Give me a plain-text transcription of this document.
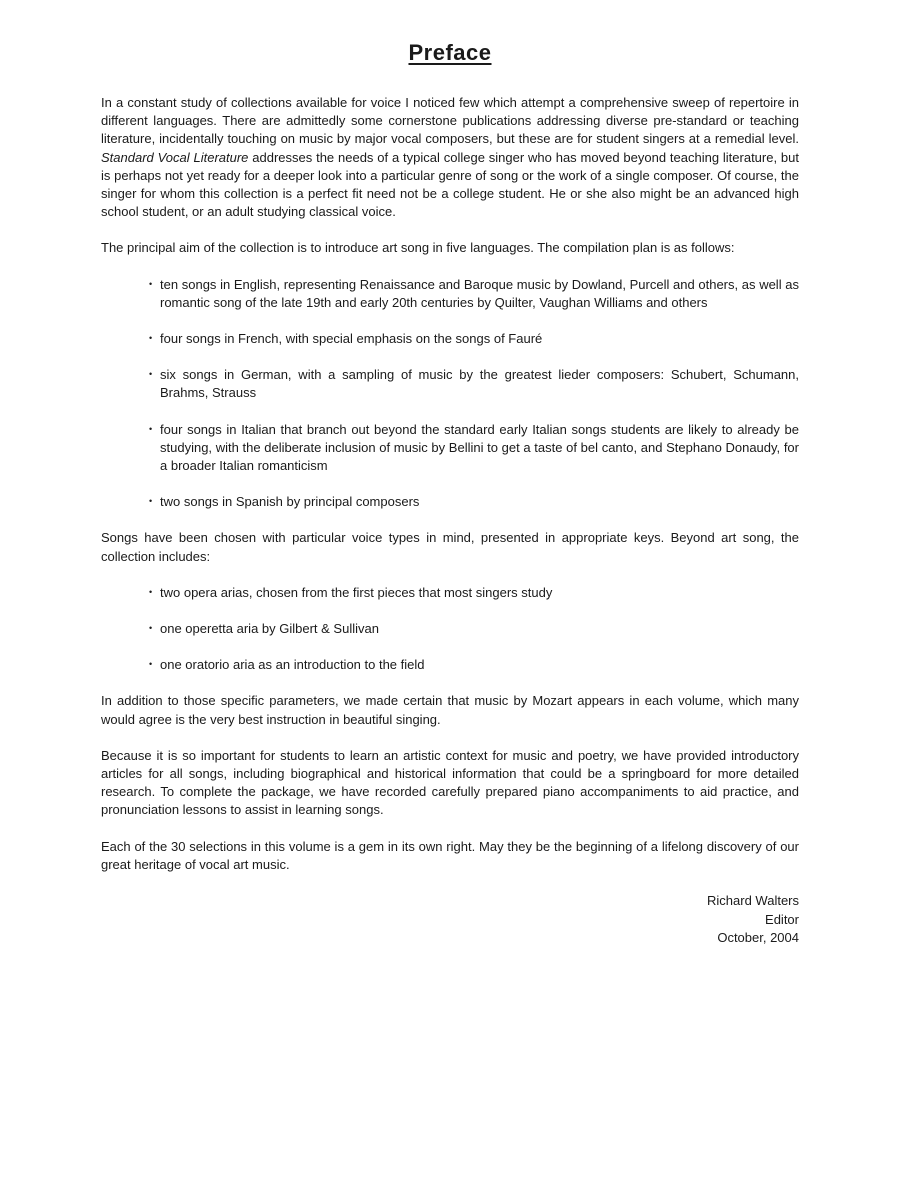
Preface

In a constant study of collections available for voice I noticed few which attempt a comprehensive sweep of repertoire in different languages. There are admittedly some cornerstone publications addressing diverse pre-standard or teaching literature, incidentally touching on music by major vocal composers, but these are for student singers at a remedial level. Standard Vocal Literature addresses the needs of a typical college singer who has moved beyond teaching literature, but is perhaps not yet ready for a deeper look into a particular genre of song or the work of a single composer. Of course, the singer for whom this collection is a perfect fit need not be a college student. He or she also might be an advanced high school student, or an adult studying classical voice.

The principal aim of the collection is to introduce art song in five languages. The compilation plan is as follows:

• ten songs in English, representing Renaissance and Baroque music by Dowland, Purcell and others, as well as romantic song of the late 19th and early 20th centuries by Quilter, Vaughan Williams and others
• four songs in French, with special emphasis on the songs of Fauré
• six songs in German, with a sampling of music by the greatest lieder composers: Schubert, Schumann, Brahms, Strauss
• four songs in Italian that branch out beyond the standard early Italian songs students are likely to already be studying, with the deliberate inclusion of music by Bellini to get a taste of bel canto, and Stephano Donaudy, for a broader Italian romanticism
• two songs in Spanish by principal composers

Songs have been chosen with particular voice types in mind, presented in appropriate keys. Beyond art song, the collection includes:

• two opera arias, chosen from the first pieces that most singers study
• one operetta aria by Gilbert & Sullivan
• one oratorio aria as an introduction to the field

In addition to those specific parameters, we made certain that music by Mozart appears in each volume, which many would agree is the very best instruction in beautiful singing.

Because it is so important for students to learn an artistic context for music and poetry, we have provided introductory articles for all songs, including biographical and historical information that could be a springboard for more detailed research. To complete the package, we have recorded carefully prepared piano accompaniments to aid practice, and pronunciation lessons to assist in learning songs.

Each of the 30 selections in this volume is a gem in its own right. May they be the beginning of a lifelong discovery of our great heritage of vocal art music.

Richard Walters
Editor
October, 2004
